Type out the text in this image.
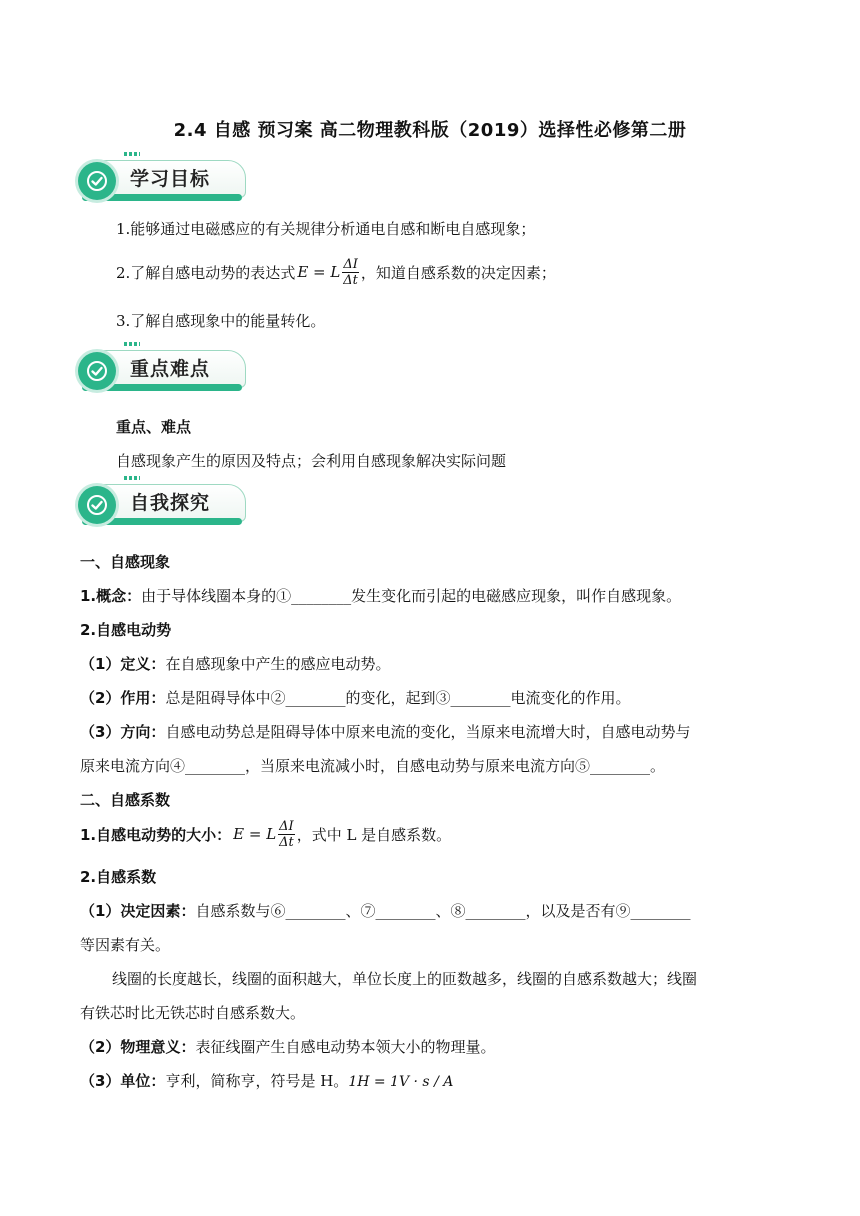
2.4 自感 预习案 高二物理教科版（2019）选择性必修第二册
学习目标
1.能够通过电磁感应的有关规律分析通电自感和断电自感现象；
2.了解自感电动势的表达式 E = L $\frac{\Delta I}{\Delta t}$ ，知道自感系数的决定因素；
3.了解自感现象中的能量转化。
重点难点
重点、难点
自感现象产生的原因及特点；会利用自感现象解决实际问题
自我探究
一、自感现象
1.概念：由于导体线圈本身的①________发生变化而引起的电磁感应现象，叫作自感现象。
2.自感电动势
（1）定义：在自感现象中产生的感应电动势。
（2）作用：总是阻碍导体中②________的变化，起到③________电流变化的作用。
（3）方向：自感电动势总是阻碍导体中原来电流的变化，当原来电流增大时，自感电动势与
原来电流方向④________，当原来电流减小时，自感电动势与原来电流方向⑤________。
二、自感系数
1.自感电动势的大小： E = L $\frac{\Delta I}{\Delta t}$ ，式中 L 是自感系数。
2.自感系数
（1）决定因素：自感系数与⑥________、⑦________、⑧________，以及是否有⑨________
等因素有关。
线圈的长度越长，线圈的面积越大，单位长度上的匝数越多，线圈的自感系数越大；线圈
有铁芯时比无铁芯时自感系数大。
（2）物理意义：表征线圈产生自感电动势本领大小的物理量。
（3）单位：亨利，简称亨，符号是 H。1H = 1V · s / A
